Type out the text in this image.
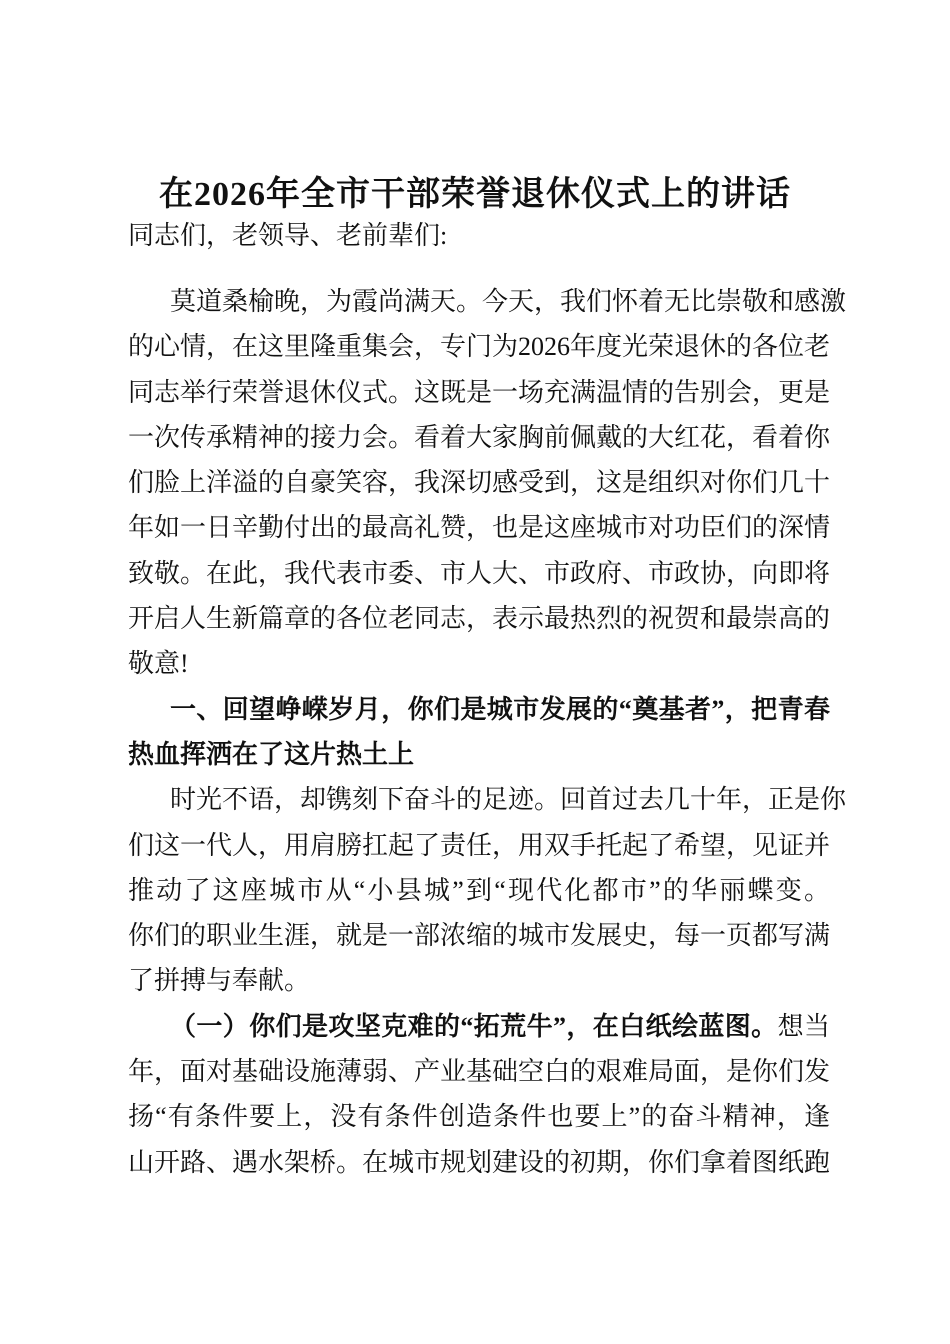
在2026年全市干部荣誉退休仪式上的讲话
同志们，老领导、老前辈们:
莫道桑榆晚，为霞尚满天。今天，我们怀着无比崇敬和感激
的心情，在这里隆重集会，专门为2026年度光荣退休的各位老
同志举行荣誉退休仪式。这既是一场充满温情的告别会，更是
一次传承精神的接力会。看着大家胸前佩戴的大红花，看着你
们脸上洋溢的自豪笑容，我深切感受到，这是组织对你们几十
年如一日辛勤付出的最高礼赞，也是这座城市对功臣们的深情
致敬。在此，我代表市委、市人大、市政府、市政协，向即将
开启人生新篇章的各位老同志，表示最热烈的祝贺和最崇高的
敬意!
一、回望峥嵘岁月，你们是城市发展的“奠基者”，把青春
热血挥洒在了这片热土上
时光不语，却镌刻下奋斗的足迹。回首过去几十年，正是你
们这一代人，用肩膀扛起了责任，用双手托起了希望，见证并
推动了这座城市从“小县城”到“现代化都市”的华丽蝶变。
你们的职业生涯，就是一部浓缩的城市发展史，每一页都写满
了拼搏与奉献。
（一）你们是攻坚克难的“拓荒牛”，在白纸绘蓝图。想当
年，面对基础设施薄弱、产业基础空白的艰难局面，是你们发
扬“有条件要上，没有条件创造条件也要上”的奋斗精神，逢
山开路、遇水架桥。在城市规划建设的初期，你们拿着图纸跑
